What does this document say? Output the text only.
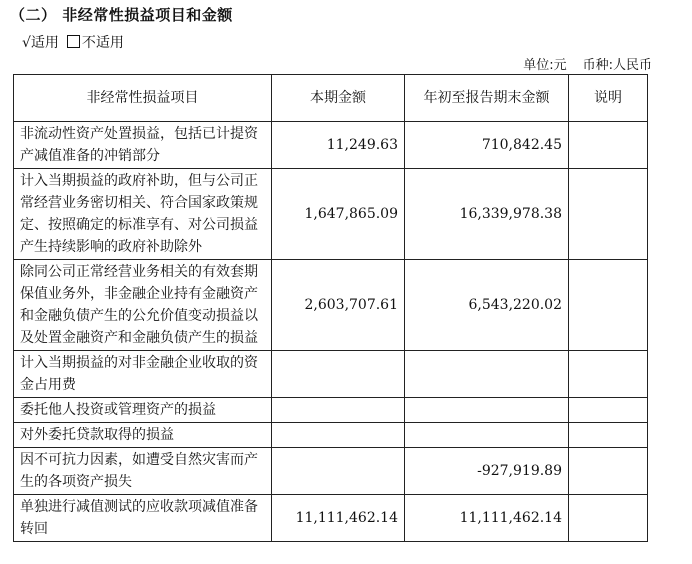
（二） 非经常性损益项目和金额
√适用 不适用
单位:元 币种:人民币
非经常性损益项目	本期金额	年初至报告期末金额	说明
非流动性资产处置损益，包括已计提资产减值准备的冲销部分	11,249.63	710,842.45	
计入当期损益的政府补助，但与公司正常经营业务密切相关、符合国家政策规定、按照确定的标准享有、对公司损益产生持续影响的政府补助除外	1,647,865.09	16,339,978.38	
除同公司正常经营业务相关的有效套期保值业务外，非金融企业持有金融资产和金融负债产生的公允价值变动损益以及处置金融资产和金融负债产生的损益	2,603,707.61	6,543,220.02	
计入当期损益的对非金融企业收取的资金占用费			
委托他人投资或管理资产的损益			
对外委托贷款取得的损益			
因不可抗力因素，如遭受自然灾害而产生的各项资产损失		-927,919.89	
单独进行减值测试的应收款项减值准备转回	11,111,462.14	11,111,462.14	
